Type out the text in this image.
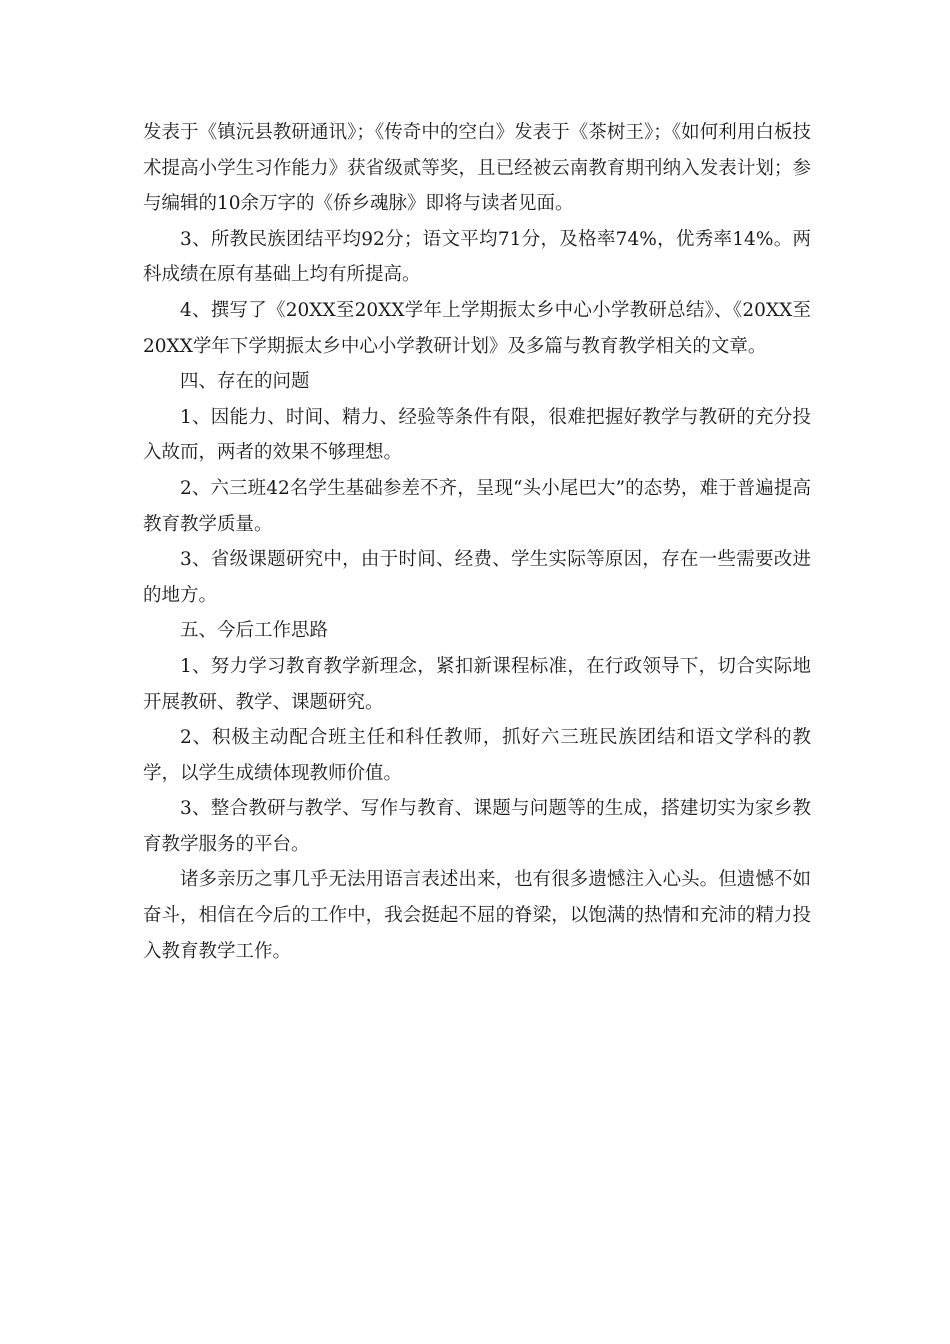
发表于《镇沅县教研通讯》；《传奇中的空白》发表于《茶树王》；《如何利用白板技术提高小学生习作能力》获省级贰等奖，且已经被云南教育期刊纳入发表计划；参与编辑的10余万字的《侨乡魂脉》即将与读者见面。

3、所教民族团结平均92分；语文平均71分，及格率74%，优秀率14%。两科成绩在原有基础上均有所提高。

4、撰写了《20XX至20XX学年上学期振太乡中心小学教研总结》、《20XX至20XX学年下学期振太乡中心小学教研计划》及多篇与教育教学相关的文章。

四、存在的问题

1、因能力、时间、精力、经验等条件有限，很难把握好教学与教研的充分投入故而，两者的效果不够理想。

2、六三班42名学生基础参差不齐，呈现“头小尾巴大”的态势，难于普遍提高教育教学质量。

3、省级课题研究中，由于时间、经费、学生实际等原因，存在一些需要改进的地方。

五、今后工作思路

1、努力学习教育教学新理念，紧扣新课程标准，在行政领导下，切合实际地开展教研、教学、课题研究。

2、积极主动配合班主任和科任教师，抓好六三班民族团结和语文学科的教学，以学生成绩体现教师价值。

3、整合教研与教学、写作与教育、课题与问题等的生成，搭建切实为家乡教育教学服务的平台。

诸多亲历之事几乎无法用语言表述出来，也有很多遗憾注入心头。但遗憾不如奋斗，相信在今后的工作中，我会挺起不屈的脊梁，以饱满的热情和充沛的精力投入教育教学工作。
